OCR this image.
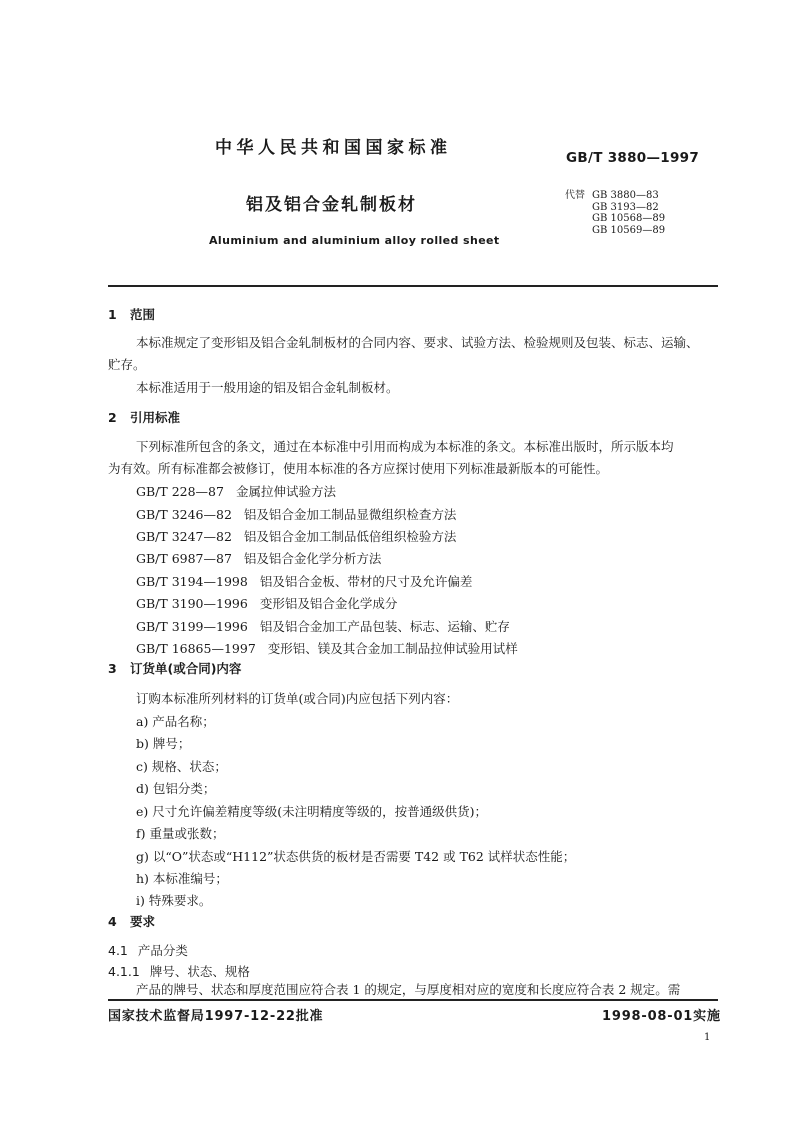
中华人民共和国国家标准	GB/T 3880—1997
铝及铝合金轧制板材	代替 GB 3880—83
GB 3193—82
GB 10568—89
GB 10569—89
Aluminium and aluminium alloy rolled sheet
1 范围
本标准规定了变形铝及铝合金轧制板材的合同内容、要求、试验方法、检验规则及包装、标志、运输、
贮存。
本标准适用于一般用途的铝及铝合金轧制板材。
2 引用标准
下列标准所包含的条文，通过在本标准中引用而构成为本标准的条文。本标准出版时，所示版本均
为有效。所有标准都会被修订，使用本标准的各方应探讨使用下列标准最新版本的可能性。
GB/T 228—87 金属拉伸试验方法
GB/T 3246—82 铝及铝合金加工制品显微组织检查方法
GB/T 3247—82 铝及铝合金加工制品低倍组织检验方法
GB/T 6987—87 铝及铝合金化学分析方法
GB/T 3194—1998 铝及铝合金板、带材的尺寸及允许偏差
GB/T 3190—1996 变形铝及铝合金化学成分
GB/T 3199—1996 铝及铝合金加工产品包装、标志、运输、贮存
GB/T 16865—1997 变形铝、镁及其合金加工制品拉伸试验用试样
3 订货单(或合同)内容
订购本标准所列材料的订货单(或合同)内应包括下列内容：
a) 产品名称；
b) 牌号；
c) 规格、状态；
d) 包铝分类；
e) 尺寸允许偏差精度等级(未注明精度等级的，按普通级供货)；
f) 重量或张数；
g) 以“O”状态或“H112”状态供货的板材是否需要 T42 或 T62 试样状态性能；
h) 本标准编号；
i) 特殊要求。
4 要求
4.1 产品分类
4.1.1 牌号、状态、规格
产品的牌号、状态和厚度范围应符合表 1 的规定，与厚度相对应的宽度和长度应符合表 2 规定。需
国家技术监督局1997-12-22批准	1998-08-01实施
1
